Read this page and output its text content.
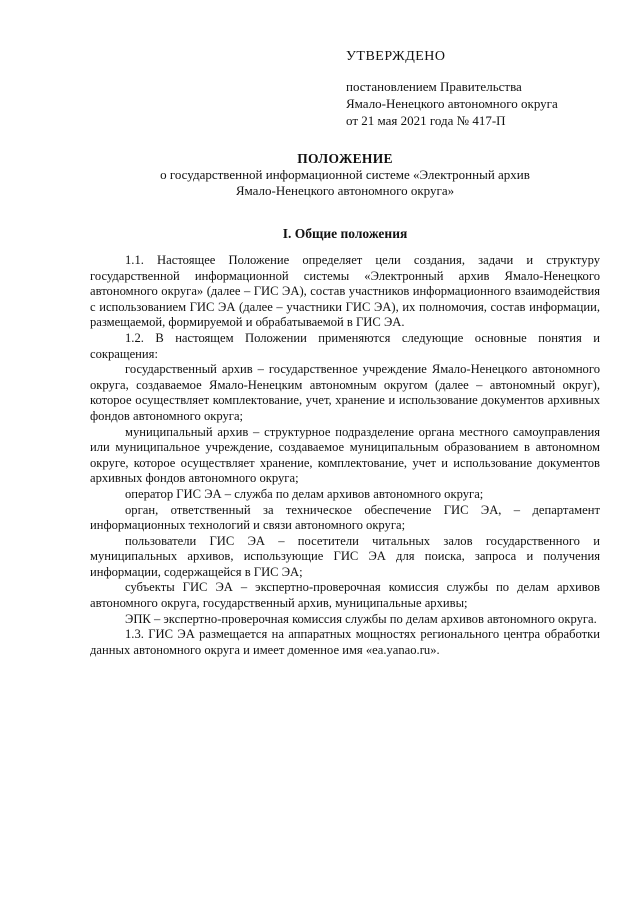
УТВЕРЖДЕНО
постановлением Правительства
Ямало-Ненецкого автономного округа
от 21 мая 2021 года № 417-П
ПОЛОЖЕНИЕ
о государственной информационной системе «Электронный архив
Ямало-Ненецкого автономного округа»
I. Общие положения

1.1. Настоящее Положение определяет цели создания, задачи и структуру государственной информационной системы «Электронный архив Ямало-Ненецкого автономного округа» (далее – ГИС ЭА), состав участников информационного взаимодействия с использованием ГИС ЭА (далее – участники ГИС ЭА), их полномочия, состав информации, размещаемой, формируемой и обрабатываемой в ГИС ЭА.

1.2. В настоящем Положении применяются следующие основные понятия и сокращения:

государственный архив – государственное учреждение Ямало-Ненецкого автономного округа, создаваемое Ямало-Ненецким автономным округом (далее – автономный округ), которое осуществляет комплектование, учет, хранение и использование документов архивных фондов автономного округа;

муниципальный архив – структурное подразделение органа местного самоуправления или муниципальное учреждение, создаваемое муниципальным образованием в автономном округе, которое осуществляет хранение, комплектование, учет и использование документов архивных фондов автономного округа;

оператор ГИС ЭА – служба по делам архивов автономного округа;

орган, ответственный за техническое обеспечение ГИС ЭА, – департамент информационных технологий и связи автономного округа;

пользователи ГИС ЭА – посетители читальных залов государственного и муниципальных архивов, использующие ГИС ЭА для поиска, запроса и получения информации, содержащейся в ГИС ЭА;

субъекты ГИС ЭА – экспертно-проверочная комиссия службы по делам архивов автономного округа, государственный архив, муниципальные архивы;

ЭПК – экспертно-проверочная комиссия службы по делам архивов автономного округа.

1.3. ГИС ЭА размещается на аппаратных мощностях регионального центра обработки данных автономного округа и имеет доменное имя «ea.yanao.ru».
